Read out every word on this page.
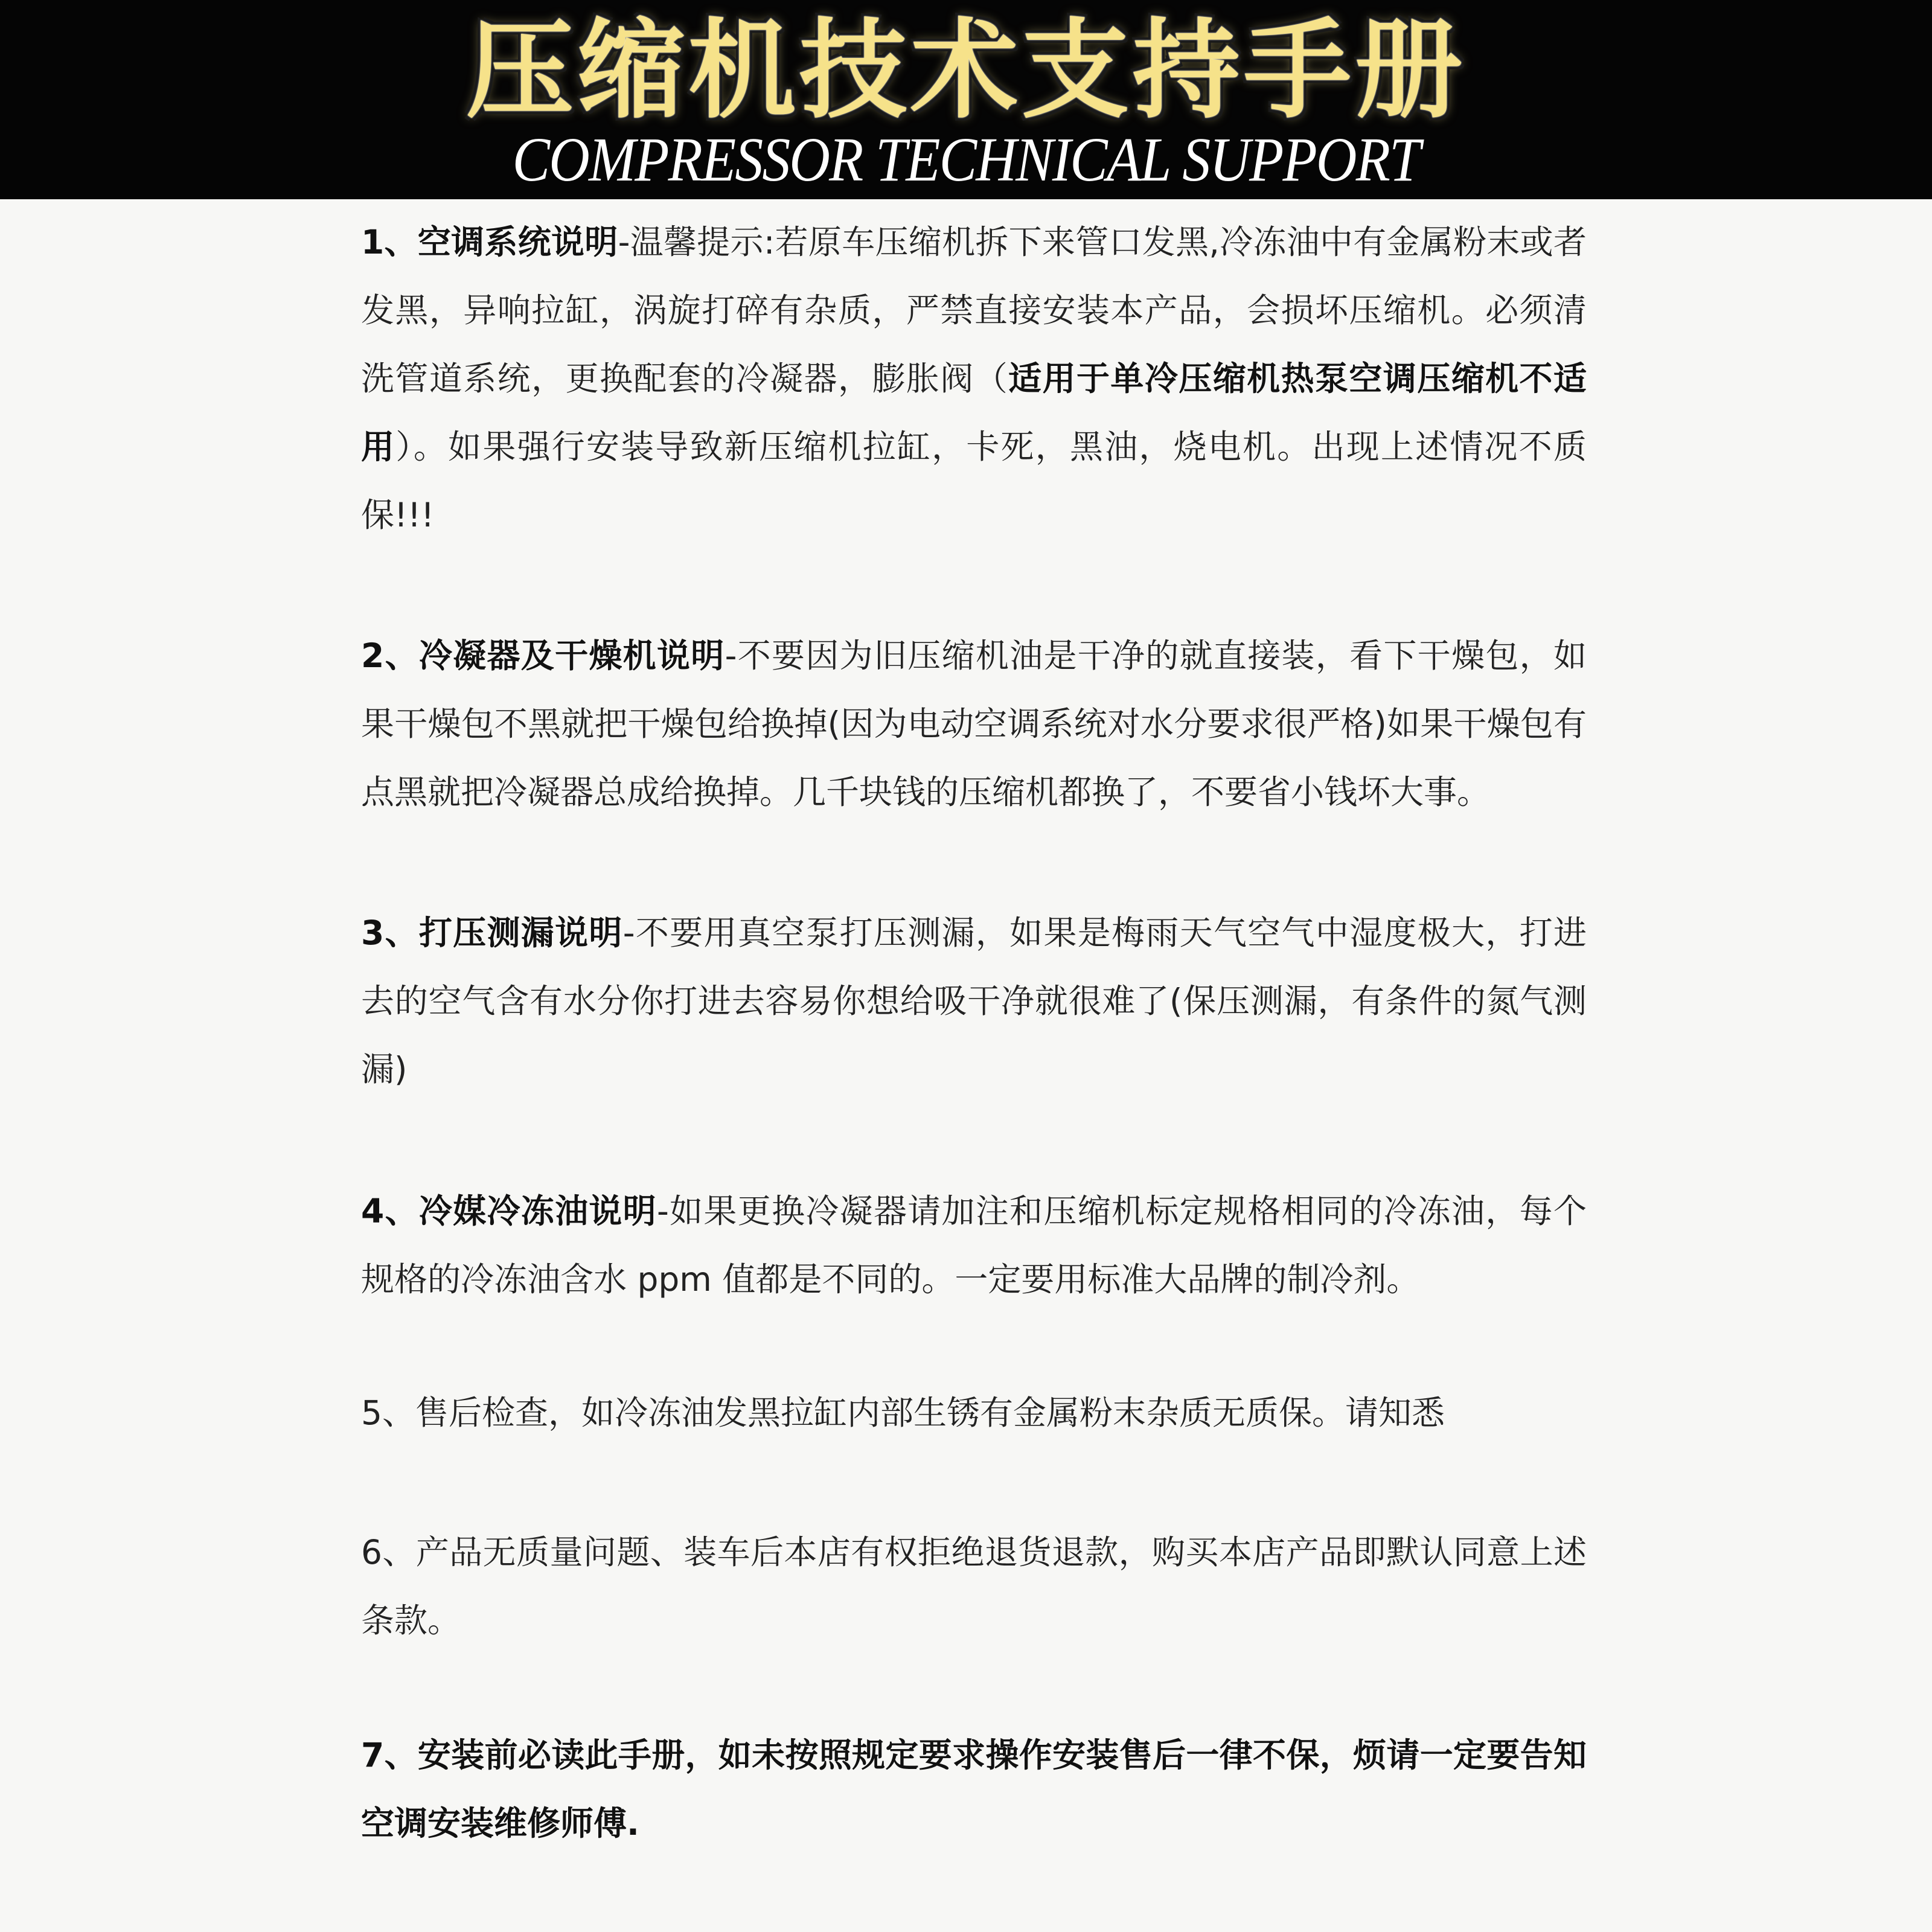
压缩机技术支持手册
COMPRESSOR TECHNICAL SUPPORT

1、空调系统说明-温馨提示:若原车压缩机拆下来管口发黑,冷冻油中有金属粉末或者发黑，异响拉缸，涡旋打碎有杂质，严禁直接安装本产品，会损坏压缩机。必须清洗管道系统，更换配套的冷凝器，膨胀阀（适用于单冷压缩机热泵空调压缩机不适用）。如果强行安装导致新压缩机拉缸，卡死，黑油，烧电机。出现上述情况不质保!!!

2、冷凝器及干燥机说明-不要因为旧压缩机油是干净的就直接装，看下干燥包，如果干燥包不黑就把干燥包给换掉(因为电动空调系统对水分要求很严格)如果干燥包有点黑就把冷凝器总成给换掉。几千块钱的压缩机都换了，不要省小钱坏大事。

3、打压测漏说明-不要用真空泵打压测漏，如果是梅雨天气空气中湿度极大，打进去的空气含有水分你打进去容易你想给吸干净就很难了(保压测漏，有条件的氮气测漏)

4、冷媒冷冻油说明-如果更换冷凝器请加注和压缩机标定规格相同的冷冻油，每个规格的冷冻油含水 ppm 值都是不同的。一定要用标准大品牌的制冷剂。

5、售后检查，如冷冻油发黑拉缸内部生锈有金属粉末杂质无质保。请知悉

6、产品无质量问题、装车后本店有权拒绝退货退款，购买本店产品即默认同意上述条款。

7、安装前必读此手册，如未按照规定要求操作安装售后一律不保，烦请一定要告知空调安装维修师傅.
